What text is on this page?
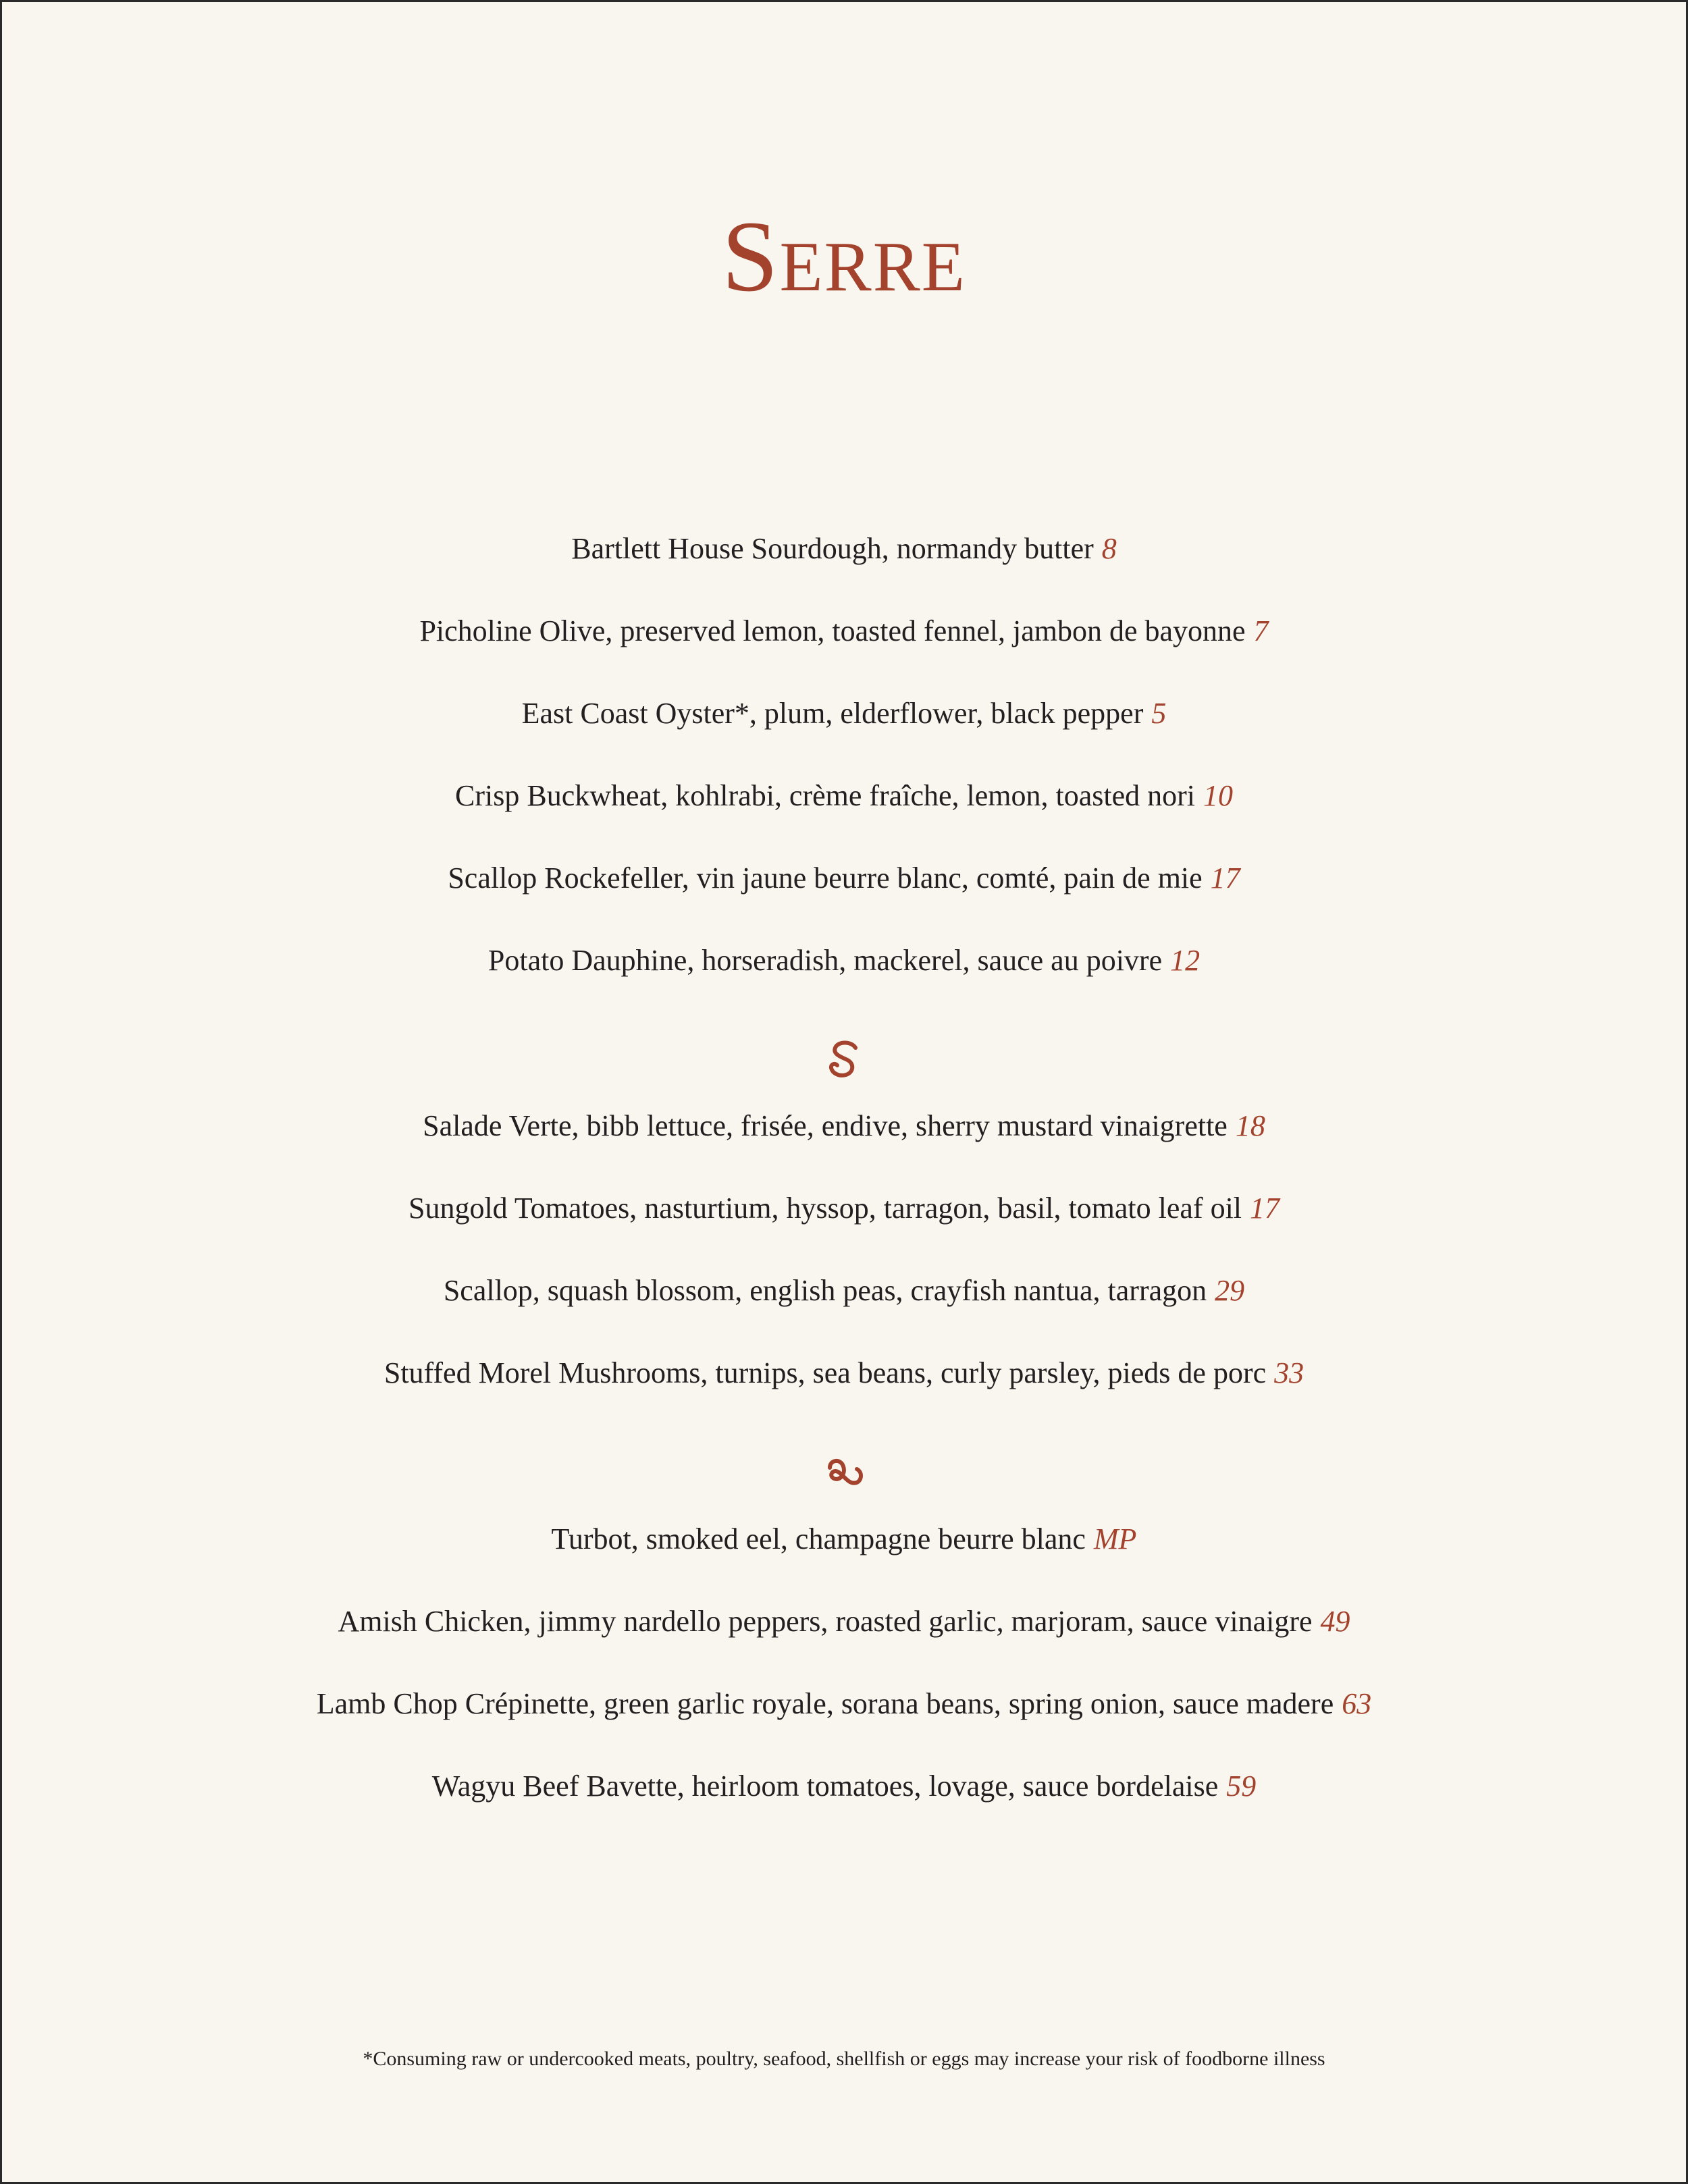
Serre
Bartlett House Sourdough, normandy butter 8
Picholine Olive, preserved lemon, toasted fennel, jambon de bayonne 7
East Coast Oyster*, plum, elderflower, black pepper 5
Crisp Buckwheat, kohlrabi, crème fraîche, lemon, toasted nori 10
Scallop Rockefeller, vin jaune beurre blanc, comté, pain de mie 17
Potato Dauphine, horseradish, mackerel, sauce au poivre 12
Salade Verte, bibb lettuce, frisée, endive, sherry mustard vinaigrette 18
Sungold Tomatoes, nasturtium, hyssop, tarragon, basil, tomato leaf oil 17
Scallop, squash blossom, english peas, crayfish nantua, tarragon 29
Stuffed Morel Mushrooms, turnips, sea beans, curly parsley, pieds de porc 33
Turbot, smoked eel, champagne beurre blanc MP
Amish Chicken, jimmy nardello peppers, roasted garlic, marjoram, sauce vinaigre 49
Lamb Chop Crépinette, green garlic royale, sorana beans, spring onion, sauce madere 63
Wagyu Beef Bavette, heirloom tomatoes, lovage, sauce bordelaise 59
*Consuming raw or undercooked meats, poultry, seafood, shellfish or eggs may increase your risk of foodborne illness
